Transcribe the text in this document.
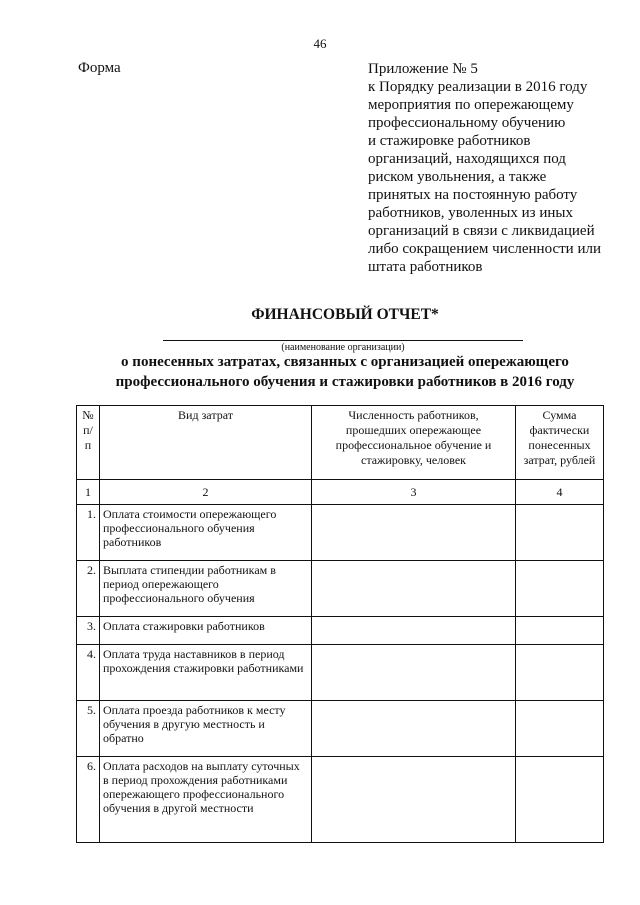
46
Форма	Приложение № 5
к Порядку реализации в 2016 году
мероприятия по опережающему
профессиональному обучению
и стажировке работников
организаций, находящихся под
риском увольнения, а также
принятых на постоянную работу
работников, уволенных из иных
организаций в связи с ликвидацией
либо сокращением численности или
штата работников
ФИНАНСОВЫЙ ОТЧЕТ*
(наименование организации)
о понесенных затратах, связанных с организацией опережающего
профессионального обучения и стажировки работников в 2016 году
№ п/п	Вид затрат	Численность работников, прошедших опережающее профессиональное обучение и стажировку, человек	Сумма фактически понесенных затрат, рублей
1	2	3	4
1.	Оплата стоимости опережающего профессионального обучения работников		
2.	Выплата стипендии работникам в период опережающего профессионального обучения		
3.	Оплата стажировки работников		
4.	Оплата труда наставников в период прохождения стажировки работниками		
5.	Оплата проезда работников к месту обучения в другую местность и обратно		
6.	Оплата расходов на выплату суточных в период прохождения работниками опережающего профессионального обучения в другой местности		
